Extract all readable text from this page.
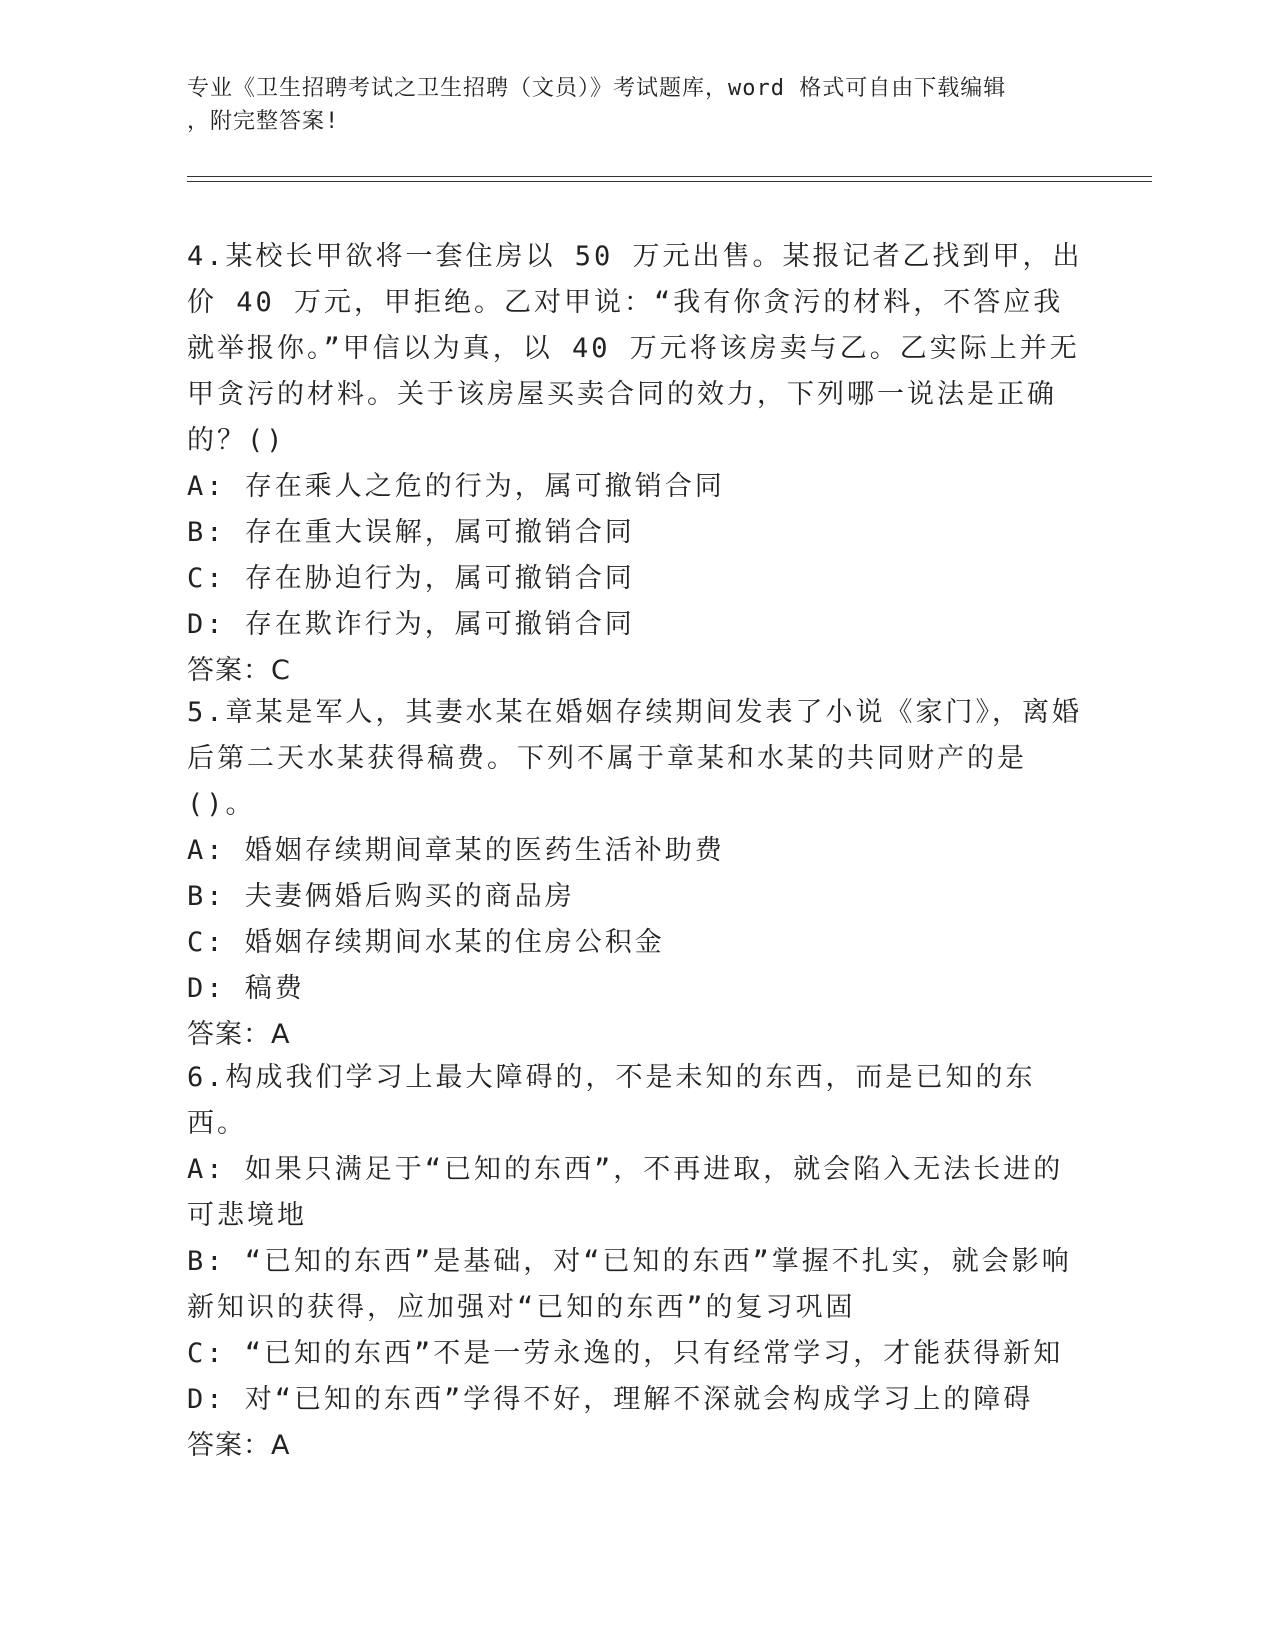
专业《卫生招聘考试之卫生招聘（文员）》考试题库，word 格式可自由下载编辑
，附完整答案!

4.某校长甲欲将一套住房以 50 万元出售。某报记者乙找到甲，出价 40 万元，甲拒绝。乙对甲说：“我有你贪污的材料，不答应我就举报你。”甲信以为真，以 40 万元将该房卖与乙。乙实际上并无甲贪污的材料。关于该房屋买卖合同的效力，下列哪一说法是正确的？()

A: 存在乘人之危的行为，属可撤销合同

B: 存在重大误解，属可撤销合同

C: 存在胁迫行为，属可撤销合同

D: 存在欺诈行为，属可撤销合同

答案：C

5.章某是军人，其妻水某在婚姻存续期间发表了小说《家门》，离婚后第二天水某获得稿费。下列不属于章某和水某的共同财产的是()。

A: 婚姻存续期间章某的医药生活补助费

B: 夫妻俩婚后购买的商品房

C: 婚姻存续期间水某的住房公积金

D: 稿费

答案：A

6.构成我们学习上最大障碍的，不是未知的东西，而是已知的东西。

A: 如果只满足于“已知的东西”，不再进取，就会陷入无法长进的可悲境地

B: “已知的东西”是基础，对“已知的东西”掌握不扎实，就会影响新知识的获得，应加强对“已知的东西”的复习巩固

C: “已知的东西”不是一劳永逸的，只有经常学习，才能获得新知

D: 对“已知的东西”学得不好，理解不深就会构成学习上的障碍

答案：A
